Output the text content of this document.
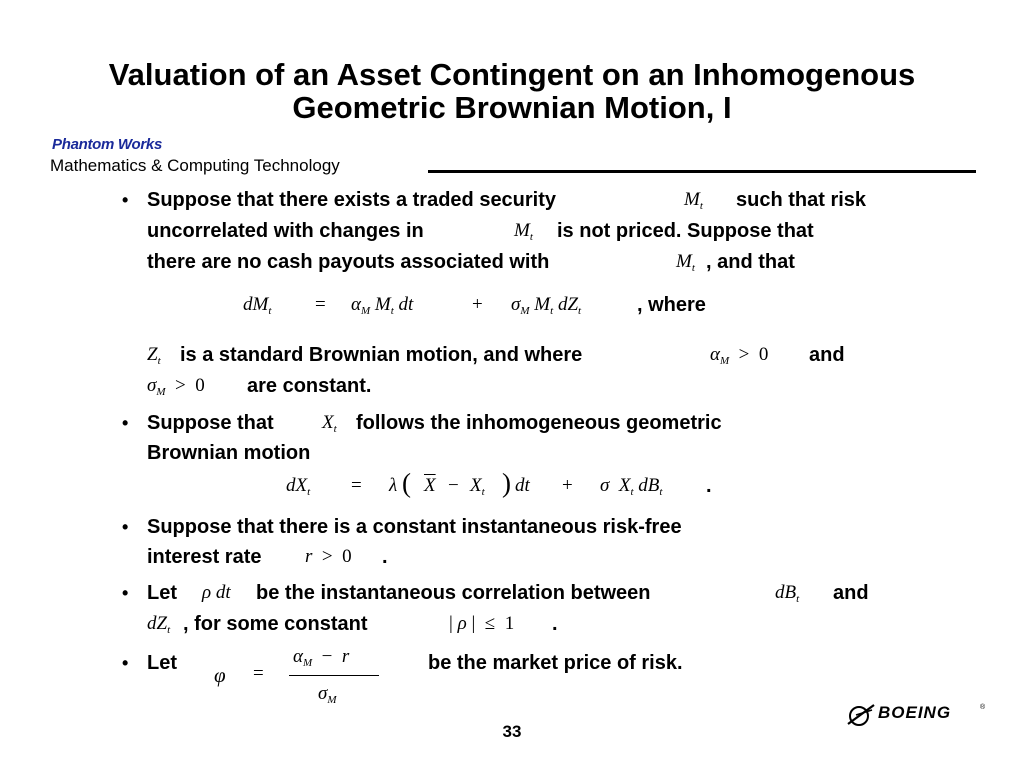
Valuation of an Asset Contingent on an Inhomogenous
Geometric Brownian Motion, I
Phantom Works
Mathematics & Computing Technology
• Suppose that there exists a traded security	$M_t$ such that risk
uncorrelated with changes in	$M_t$ is not priced. Suppose that
there are no cash payouts associated with	$M_t$ , and that
$dM_t = \alpha_M$ $M_t$ dt	+ $\sigma_M$ $M_t$ $dZ_t$	, where
$Z_t$ is a standard Brownian motion, and where	$\alpha_M > 0$ and
$\sigma_M > 0$ are constant.
• Suppose that	$X_t$ follows the inhomogeneous geometric
Brownian motion
$dX_t = \lambda$ ( $\overline{X} - X_t$ ) dt + σ $X_t$ $dB_t$ .
• Suppose that there is a constant instantaneous risk-free
interest rate r > 0 .
• Let ρ dt be the instantaneous correlation between	$dB_t$ and
$dZ_t$ , for some constant	| ρ | ≤ 1 .
• Let φ =
$\alpha_M - r$
$\sigma_M$
be the market price of risk.
33
BOEING	®
